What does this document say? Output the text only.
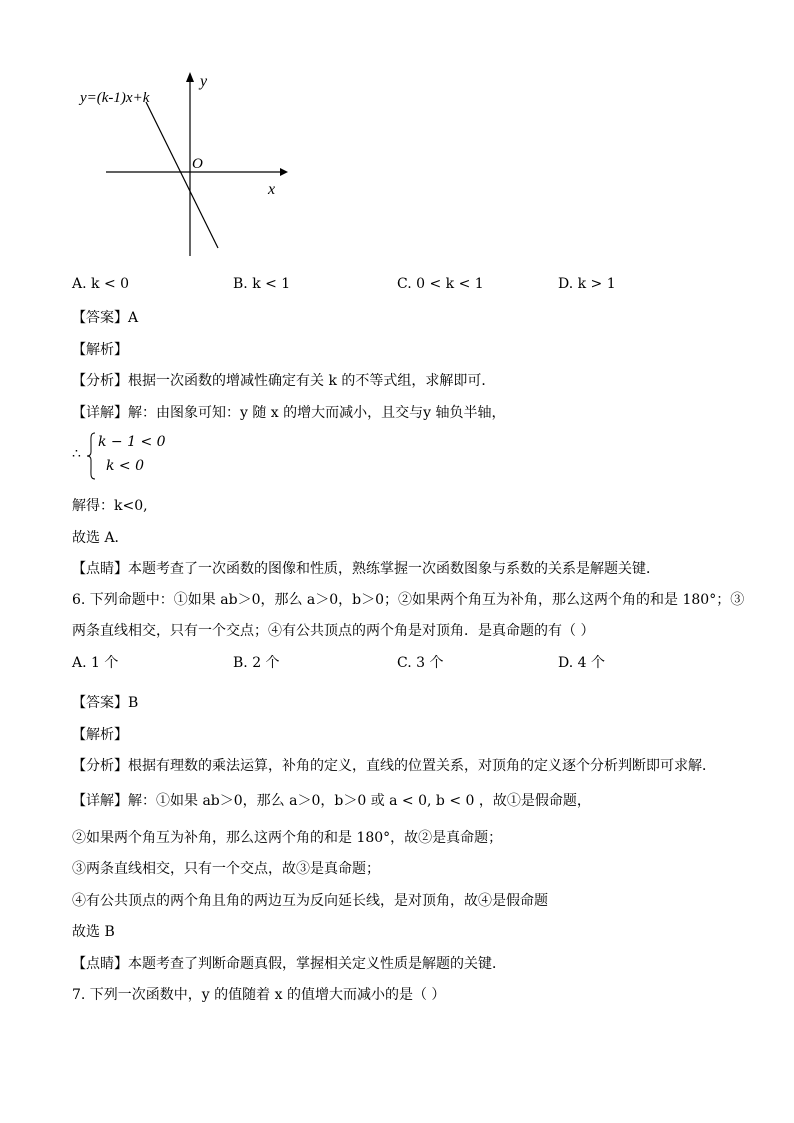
y=(k-1)x+k
y
x
O
A. k < 0	B. k < 1	C. 0 < k < 1	D. k > 1
【答案】A
【解析】
【分析】根据一次函数的增减性确定有关 k 的不等式组，求解即可．
【详解】解：由图象可知：y 随 x 的增大而减小，且交与y 轴负半轴，
∴
k − 1 < 0
k < 0
解得：k<0,
故选 A．
【点睛】本题考查了一次函数的图像和性质，熟练掌握一次函数图象与系数的关系是解题关键．
6. 下列命题中：①如果 ab＞0，那么 a＞0，b＞0；②如果两个角互为补角，那么这两个角的和是 180°；③
两条直线相交，只有一个交点；④有公共顶点的两个角是对顶角．是真命题的有（ ）
A. 1 个	B. 2 个	C. 3 个	D. 4 个
【答案】B
【解析】
【分析】根据有理数的乘法运算，补角的定义，直线的位置关系，对顶角的定义逐个分析判断即可求解．
【详解】解：①如果 ab＞0，那么 a＞0，b＞0 或 a < 0, b < 0 ，故①是假命题，
②如果两个角互为补角，那么这两个角的和是 180°，故②是真命题；
③两条直线相交，只有一个交点，故③是真命题；
④有公共顶点的两个角且角的两边互为反向延长线，是对顶角，故④是假命题
故选 B
【点睛】本题考查了判断命题真假，掌握相关定义性质是解题的关键．
7. 下列一次函数中，y 的值随着 x 的值增大而减小的是（ ）
